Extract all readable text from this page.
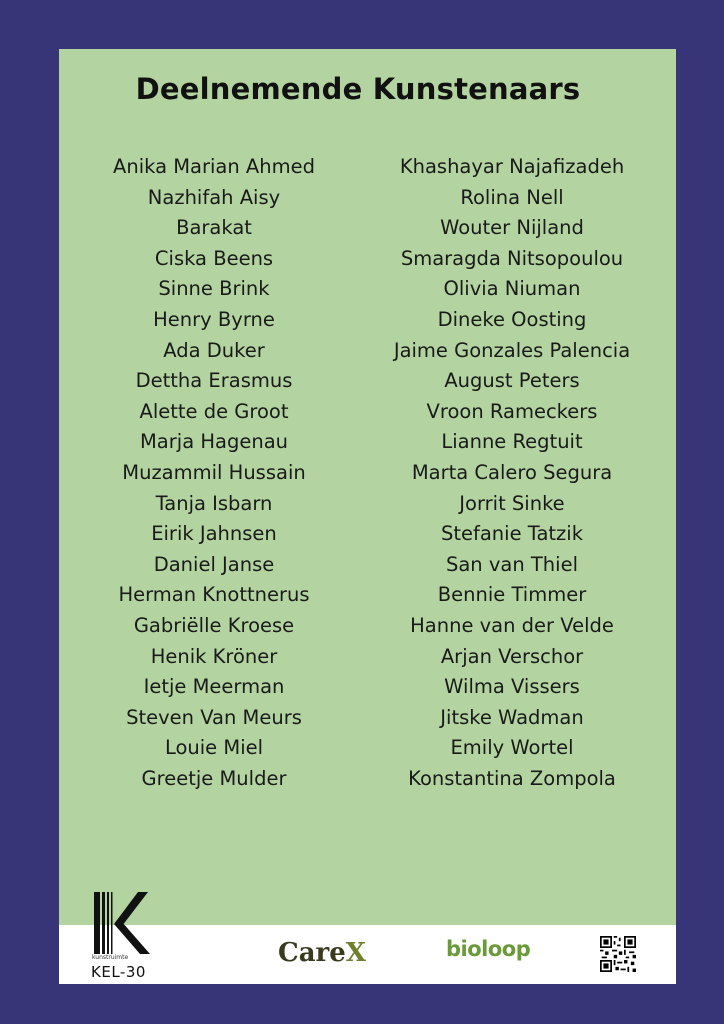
Deelnemende Kunstenaars
Anika Marian Ahmed
Nazhifah Aisy
Barakat
Ciska Beens
Sinne Brink
Henry Byrne
Ada Duker
Dettha Erasmus
Alette de Groot
Marja Hagenau
Muzammil Hussain
Tanja Isbarn
Eirik Jahnsen
Daniel Janse
Herman Knottnerus
Gabriëlle Kroese
Henik Kröner
Ietje Meerman
Steven Van Meurs
Louie Miel
Greetje Mulder
Khashayar Najafizadeh
Rolina Nell
Wouter Nijland
Smaragda Nitsopoulou
Olivia Niuman
Dineke Oosting
Jaime Gonzales Palencia
August Peters
Vroon Rameckers
Lianne Regtuit
Marta Calero Segura
Jorrit Sinke
Stefanie Tatzik
San van Thiel
Bennie Timmer
Hanne van der Velde
Arjan Verschor
Wilma Vissers
Jitske Wadman
Emily Wortel
Konstantina Zompola
kunstruimte
KEL-30
CareX	bioloop
